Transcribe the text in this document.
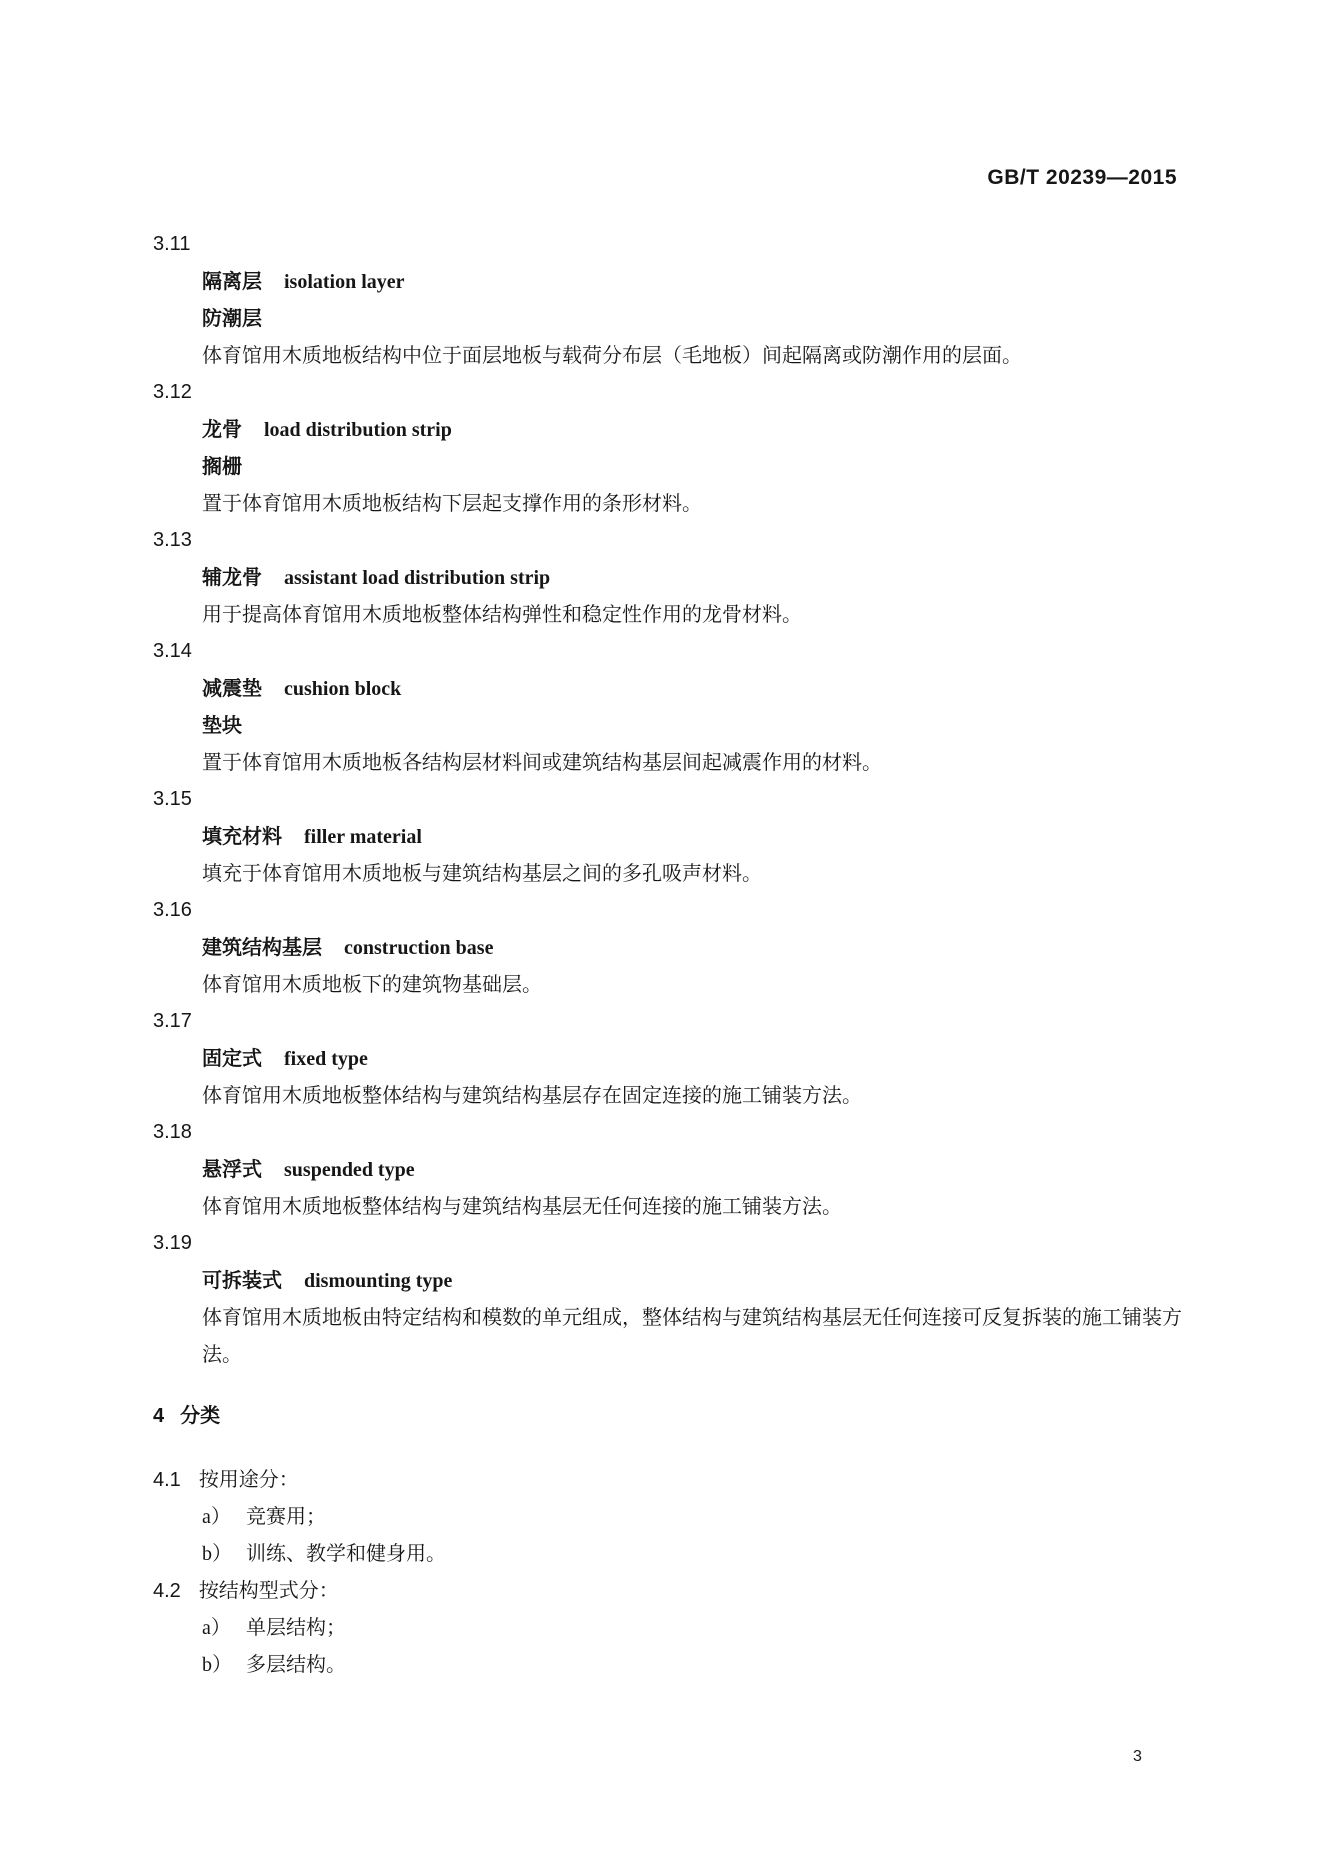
GB/T 20239—2015
3.11
隔离层 isolation layer
防潮层
体育馆用木质地板结构中位于面层地板与载荷分布层（毛地板）间起隔离或防潮作用的层面。
3.12
龙骨 load distribution strip
搁栅
置于体育馆用木质地板结构下层起支撑作用的条形材料。
3.13
辅龙骨 assistant load distribution strip
用于提高体育馆用木质地板整体结构弹性和稳定性作用的龙骨材料。
3.14
减震垫 cushion block
垫块
置于体育馆用木质地板各结构层材料间或建筑结构基层间起减震作用的材料。
3.15
填充材料 filler material
填充于体育馆用木质地板与建筑结构基层之间的多孔吸声材料。
3.16
建筑结构基层 construction base
体育馆用木质地板下的建筑物基础层。
3.17
固定式 fixed type
体育馆用木质地板整体结构与建筑结构基层存在固定连接的施工铺装方法。
3.18
悬浮式 suspended type
体育馆用木质地板整体结构与建筑结构基层无任何连接的施工铺装方法。
3.19
可拆装式 dismounting type
体育馆用木质地板由特定结构和模数的单元组成，整体结构与建筑结构基层无任何连接可反复拆装的施工铺装方法。
4 分类
4.1 按用途分：
a） 竞赛用；
b） 训练、教学和健身用。
4.2 按结构型式分：
a） 单层结构；
b） 多层结构。
3
